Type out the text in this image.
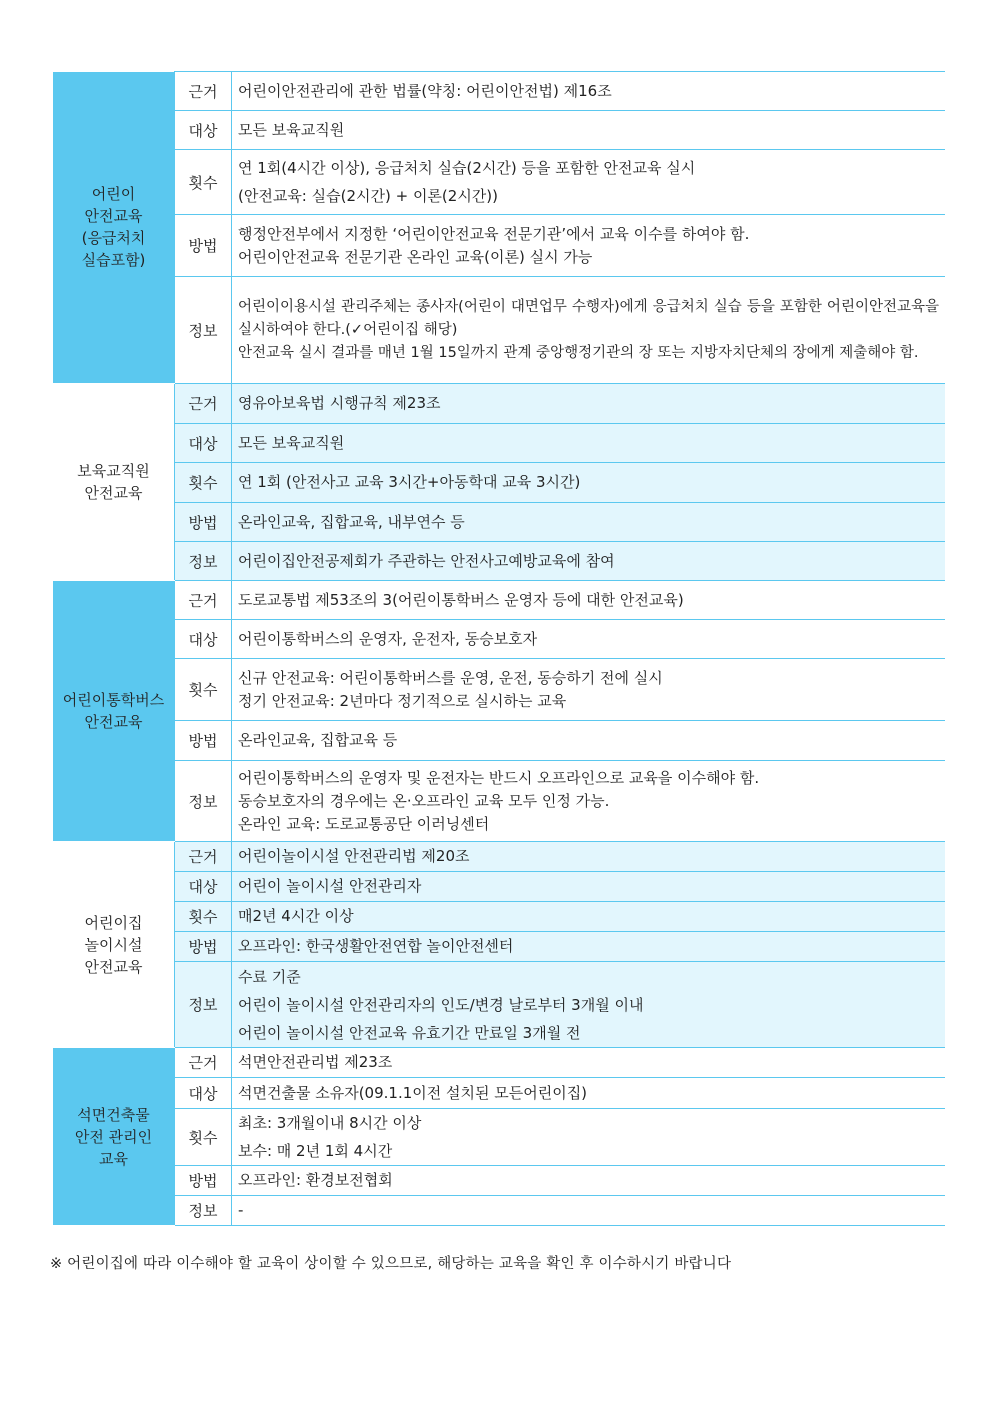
어린이
안전교육
(응급처치
실습포함)	근거	어린이안전관리에 관한 법률(약칭: 어린이안전법) 제16조

	대상	모든 보육교직원

	횟수	연 1회(4시간 이상), 응급처치 실습(2시간) 등을 포함한 안전교육 실시
(안전교육: 실습(2시간) + 이론(2시간))

	방법	행정안전부에서 지정한 ‘어린이안전교육 전문기관’에서 교육 이수를 하여야 함.
어린이안전교육 전문기관 온라인 교육(이론) 실시 가능

	정보	어린이이용시설 관리주체는 종사자(어린이 대면업무 수행자)에게 응급처치 실습 등을 포함한 어린이안전교육을 실시하여야 한다.(✓어린이집 해당)
안전교육 실시 결과를 매년 1월 15일까지 관계 중앙행정기관의 장 또는 지방자치단체의 장에게 제출해야 함.

보육교직원
안전교육	근거	영유아보육법 시행규칙 제23조

	대상	모든 보육교직원

	횟수	연 1회 (안전사고 교육 3시간+아동학대 교육 3시간)

	방법	온라인교육, 집합교육, 내부연수 등

	정보	어린이집안전공제회가 주관하는 안전사고예방교육에 참여

어린이통학버스
안전교육	근거	도로교통법 제53조의 3(어린이통학버스 운영자 등에 대한 안전교육)

	대상	어린이통학버스의 운영자, 운전자, 동승보호자

	횟수	신규 안전교육: 어린이통학버스를 운영, 운전, 동승하기 전에 실시
정기 안전교육: 2년마다 정기적으로 실시하는 교육

	방법	온라인교육, 집합교육 등

	정보	어린이통학버스의 운영자 및 운전자는 반드시 오프라인으로 교육을 이수해야 함.
동승보호자의 경우에는 온·오프라인 교육 모두 인정 가능.
온라인 교육: 도로교통공단 이러닝센터

어린이집
놀이시설
안전교육	근거	어린이놀이시설 안전관리법 제20조

	대상	어린이 놀이시설 안전관리자

	횟수	매2년 4시간 이상

	방법	오프라인: 한국생활안전연합 놀이안전센터

	정보	수료 기준
어린이 놀이시설 안전관리자의 인도/변경 날로부터 3개월 이내
어린이 놀이시설 안전교육 유효기간 만료일 3개월 전

석면건축물
안전 관리인
교육	근거	석면안전관리법 제23조

	대상	석면건출물 소유자(09.1.1이전 설치된 모든어린이집)

	횟수	최초: 3개월이내 8시간 이상
보수: 매 2년 1회 4시간

	방법	오프라인: 환경보전협회

	정보	-
※ 어린이집에 따라 이수해야 할 교육이 상이할 수 있으므로, 해당하는 교육을 확인 후 이수하시기 바랍니다
